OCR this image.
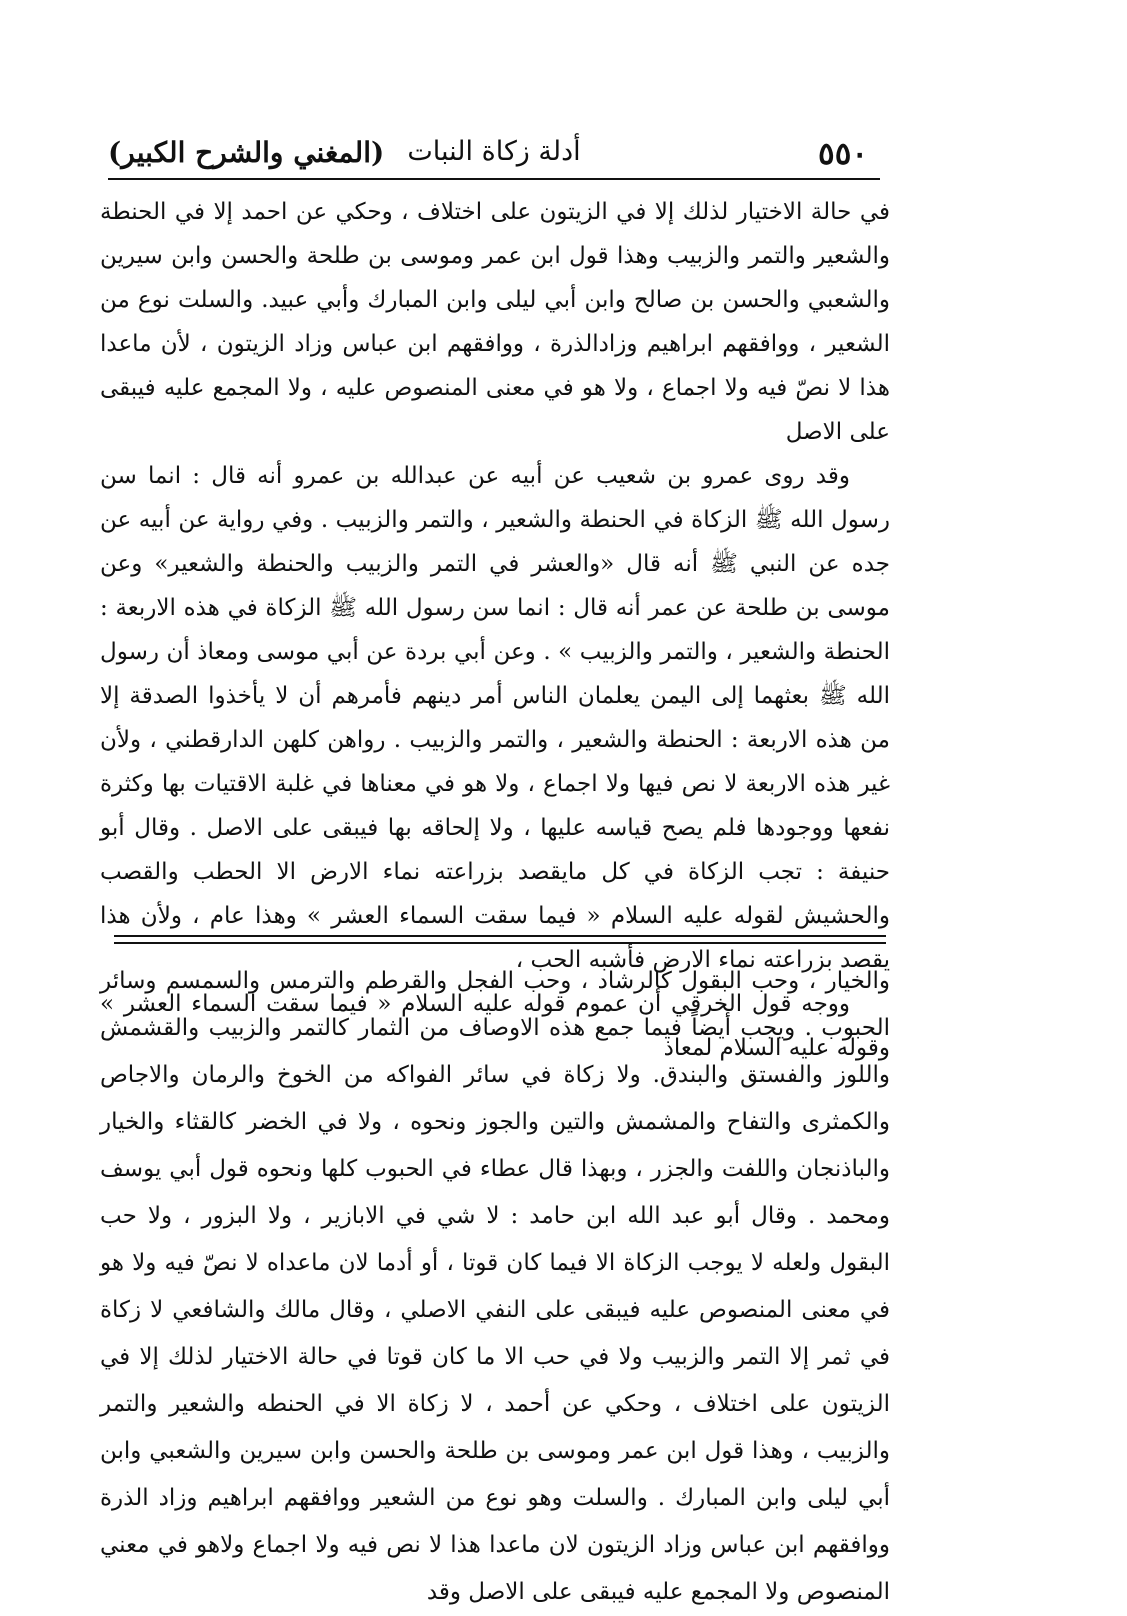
٥٥٠
أدلة زكاة النبات
(المغني والشرح الكبير)

في حالة الاختيار لذلك إلا في الزيتون على اختلاف ، وحكي عن احمد إلا في الحنطة والشعير والتمر والزبيب وهذا قول ابن عمر وموسى بن طلحة والحسن وابن سيرين والشعبي والحسن بن صالح وابن أبي ليلى وابن المبارك وأبي عبيد. والسلت نوع من الشعير ، ووافقهم ابراهيم وزادالذرة ، ووافقهم ابن عباس وزاد الزيتون ، لأن ماعدا هذا لا نصّ فيه ولا اجماع ، ولا هو في معنى المنصوص عليه ، ولا المجمع عليه فيبقى على الاصل

وقد روى عمرو بن شعيب عن أبيه عن عبدالله بن عمرو أنه قال : انما سن رسول الله ﷺ الزكاة في الحنطة والشعير ، والتمر والزبيب . وفي رواية عن أبيه عن جده عن النبي ﷺ أنه قال «والعشر في التمر والزبيب والحنطة والشعير» وعن موسى بن طلحة عن عمر أنه قال : انما سن رسول الله ﷺ الزكاة في هذه الاربعة : الحنطة والشعير ، والتمر والزبيب » . وعن أبي بردة عن أبي موسى ومعاذ أن رسول الله ﷺ بعثهما إلى اليمن يعلمان الناس أمر دينهم فأمرهم أن لا يأخذوا الصدقة إلا من هذه الاربعة : الحنطة والشعير ، والتمر والزبيب . رواهن كلهن الدارقطني ، ولأن غير هذه الاربعة لا نص فيها ولا اجماع ، ولا هو في معناها في غلبة الاقتيات بها وكثرة نفعها ووجودها فلم يصح قياسه عليها ، ولا إلحاقه بها فيبقى على الاصل . وقال أبو حنيفة : تجب الزكاة في كل مايقصد بزراعته نماء الارض الا الحطب والقصب والحشيش لقوله عليه السلام « فيما سقت السماء العشر » وهذا عام ، ولأن هذا يقصد بزراعته نماء الارض فأشبه الحب ،

ووجه قول الخرقي أن عموم قوله عليه السلام « فيما سقت السماء العشر » وقوله عليه السلام لمعاذ

والخيار ، وحب البقول كالرشاد ، وحب الفجل والقرطم والترمس والسمسم وسائر الحبوب . ويجب أيضاً فيما جمع هذه الاوصاف من الثمار كالتمر والزبيب والقشمش واللوز والفستق والبندق. ولا زكاة في سائر الفواكه من الخوخ والرمان والاجاص والكمثرى والتفاح والمشمش والتين والجوز ونحوه ، ولا في الخضر كالقثاء والخيار والباذنجان واللفت والجزر ، وبهذا قال عطاء في الحبوب كلها ونحوه قول أبي يوسف ومحمد . وقال أبو عبد الله ابن حامد : لا شي في الابازير ، ولا البزور ، ولا حب البقول ولعله لا يوجب الزكاة الا فيما كان قوتا ، أو أدما لان ماعداه لا نصّ فيه ولا هو في معنى المنصوص عليه فيبقى على النفي الاصلي ، وقال مالك والشافعي لا زكاة في ثمر إلا التمر والزبيب ولا في حب الا ما كان قوتا في حالة الاختيار لذلك إلا في الزيتون على اختلاف ، وحكي عن أحمد ، لا زكاة الا في الحنطه والشعير والتمر والزبيب ، وهذا قول ابن عمر وموسى بن طلحة والحسن وابن سيرين والشعبي وابن أبي ليلى وابن المبارك . والسلت وهو نوع من الشعير ووافقهم ابراهيم وزاد الذرة ووافقهم ابن عباس وزاد الزيتون لان ماعدا هذا لا نص فيه ولا اجماع ولاهو في معني المنصوص ولا المجمع عليه فيبقى على الاصل وقد
